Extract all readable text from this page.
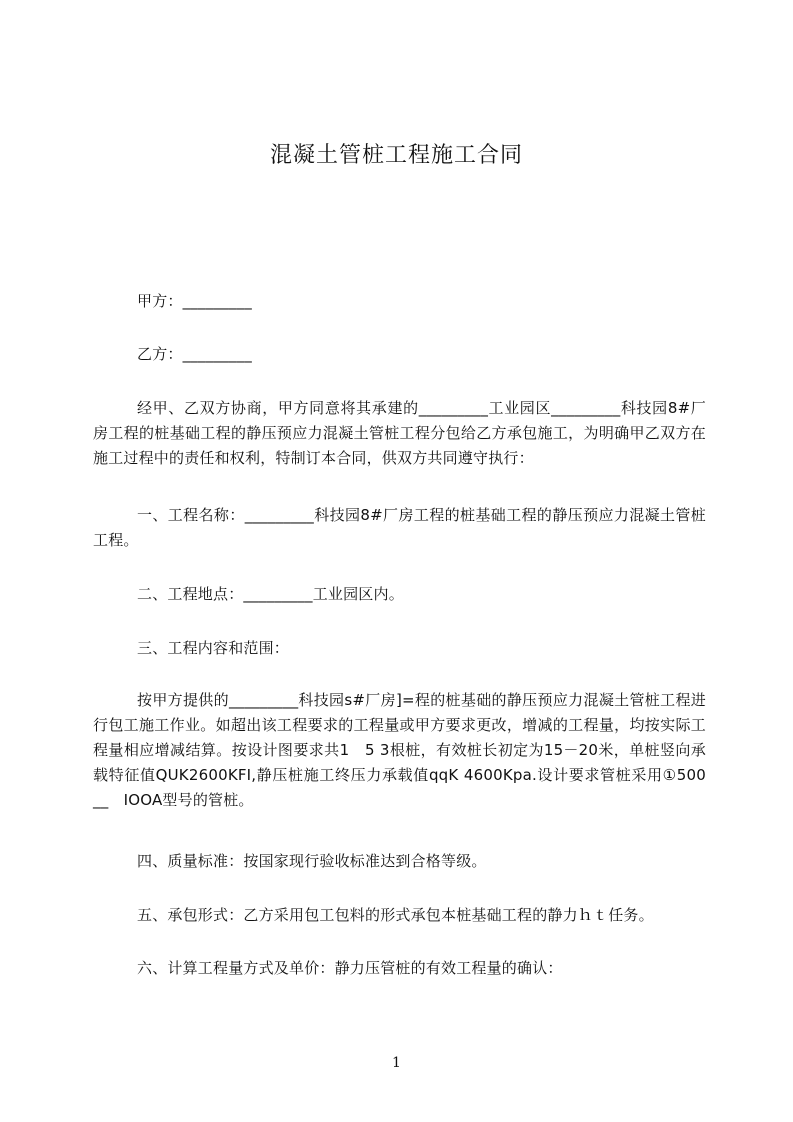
混凝土管桩工程施工合同
甲方：_________
乙方：_________
经甲、乙双方协商，甲方同意将其承建的_________工业园区_________科技园8#厂房工程的桩基础工程的静压预应力混凝土管桩工程分包给乙方承包施工，为明确甲乙双方在施工过程中的责任和权利，特制订本合同，供双方共同遵守执行：
一、工程名称：_________科技园8#厂房工程的桩基础工程的静压预应力混凝土管桩工程。
二、工程地点：_________工业园区内。
三、工程内容和范围：
按甲方提供的_________科技园s#厂房]=程的桩基础的静压预应力混凝土管桩工程进行包工施工作业。如超出该工程要求的工程量或甲方要求更改，增减的工程量，均按实际工程量相应增减结算。按设计图要求共1　5 3根桩，有效桩长初定为15－20米，单桩竖向承载特征值QUK2600KFI,静压桩施工终压力承载值qqK 4600Kpa.设计要求管桩采用①500 __　IOOA型号的管桩。
四、质量标准：按国家现行验收标准达到合格等级。
五、承包形式：乙方采用包工包料的形式承包本桩基础工程的静力ｈｔ任务。
六、计算工程量方式及单价：静力压管桩的有效工程量的确认：
1
